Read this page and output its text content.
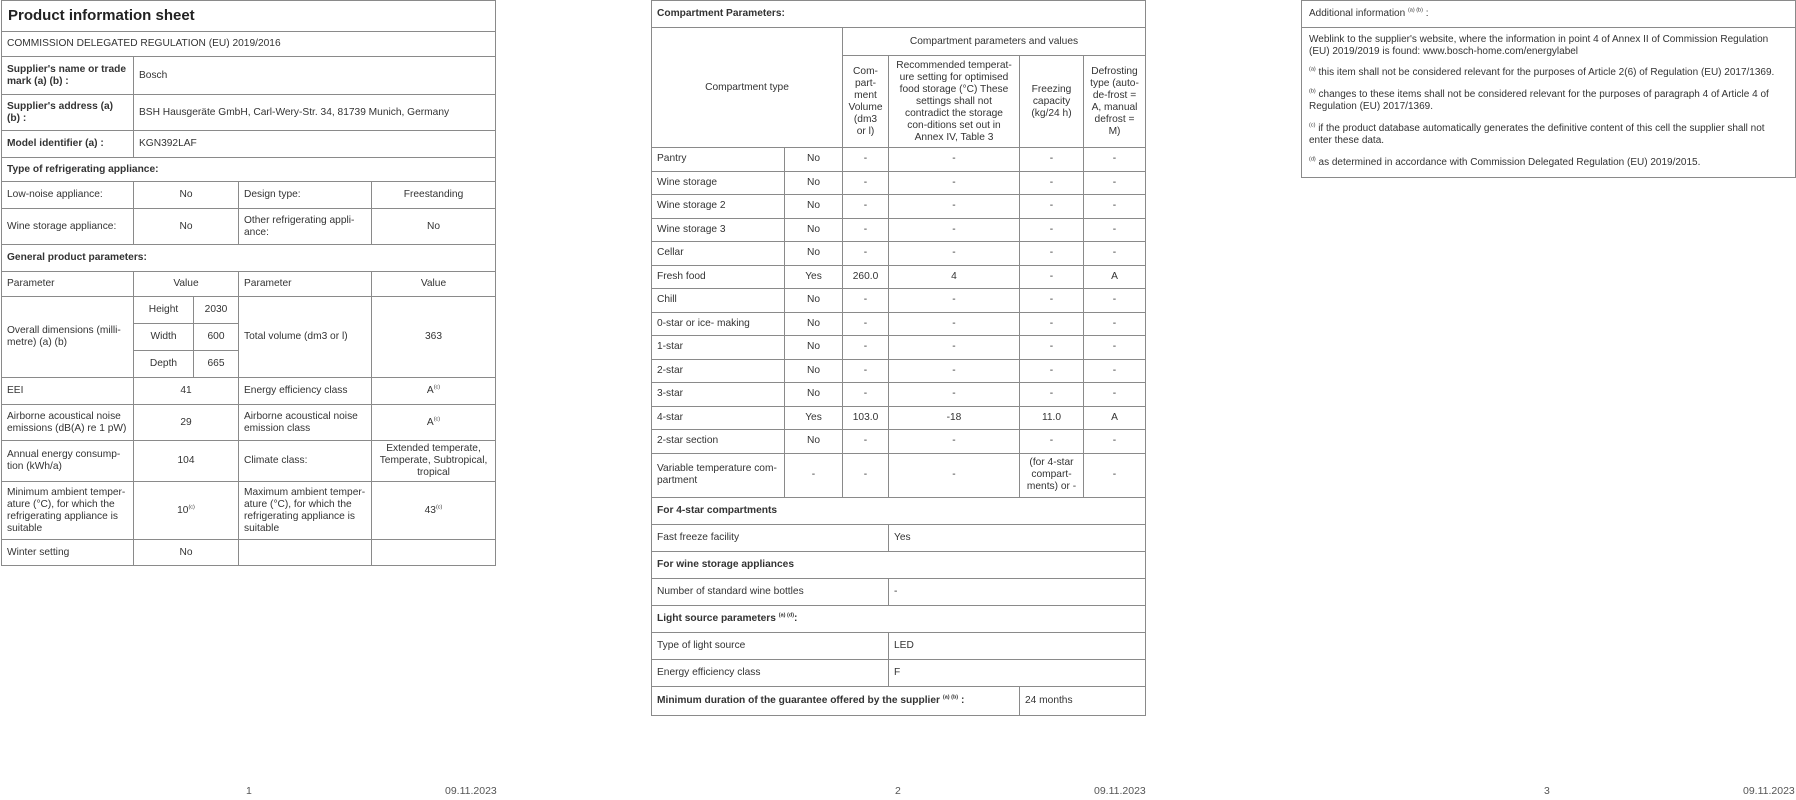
Product information sheet				
COMMISSION DELEGATED REGULATION (EU) 2019/2016				
Supplier's name or trade mark (a) (b) :	Bosch			
Supplier's address (a) (b) :	BSH Hausgeräte GmbH, Carl-Wery-Str. 34, 81739 Munich, Germany			
Model identifier (a) :	KGN392LAF			
Type of refrigerating appliance:				
Low-noise appliance:	No		Design type:	Freestanding
Wine storage appliance:	No		Other refrigerating appli-ance:	No
General product parameters:				
Parameter	Value		Parameter	Value
Overall dimensions (milli-metre) (a) (b)	Height	2030	Total volume (dm3 or l)	363
	Width	600		
	Depth	665		
EEI	41		Energy efficiency class	$A^{(c)}$
Airborne acoustical noise emissions (dB(A) re 1 pW)	29		Airborne acoustical noise emission class	$A^{(c)}$
Annual energy consump-tion (kWh/a)	104		Climate class:	Extended temperate, Temperate, Subtropical, tropical
Minimum ambient temper-ature (°C), for which the refrigerating appliance is suitable	10$^{(c)}$		Maximum ambient temper-ature (°C), for which the refrigerating appliance is suitable	43$^{(c)}$
Winter setting	No			
1	09.11.2023
Compartment Parameters:					
Compartment type		Compartment parameters and values			
		Com-part-ment Volume (dm3 or l)	Recommended temperat-ure setting for optimised food storage (°C) These settings shall not contradict the storage con-ditions set out in Annex IV, Table 3	Freezing capacity (kg/24 h)	Defrosting type (auto-de-frost = A, manual defrost = M)
Pantry	No	-	-	-	-
Wine storage	No	-	-	-	-
Wine storage 2	No	-	-	-	-
Wine storage 3	No	-	-	-	-
Cellar	No	-	-	-	-
Fresh food	Yes	260.0	4	-	A
Chill	No	-	-	-	-
0-star or ice- making	No	-	-	-	-
1-star	No	-	-	-	-
2-star	No	-	-	-	-
3-star	No	-	-	-	-
4-star	Yes	103.0	-18	11.0	A
2-star section	No	-	-	-	-
Variable temperature com-partment	-	-	-	(for 4-star compart-ments) or -	-
For 4-star compartments					
Fast freeze facility			Yes		
For wine storage appliances					
Number of standard wine bottles			-		
Light source parameters $^{(a) (d)}$:					
Type of light source			LED		
Energy efficiency class			F		
Minimum duration of the guarantee offered by the supplier $^{(a) (b)}$ :				24 months	
2	09.11.2023
Additional information $^{(a) (b)}$ :

Weblink to the supplier's website, where the information in point 4 of Annex II of Commission Regulation (EU) 2019/2019 is found: www.bosch-home.com/energylabel
$^{(a)}$ this item shall not be considered relevant for the purposes of Article 2(6) of Regulation (EU) 2017/1369.
$^{(b)}$ changes to these items shall not be considered relevant for the purposes of paragraph 4 of Article 4 of Regulation (EU) 2017/1369.
$^{(c)}$ if the product database automatically generates the definitive content of this cell the supplier shall not enter these data.
$^{(d)}$ as determined in accordance with Commission Delegated Regulation (EU) 2019/2015.
3	09.11.2023
